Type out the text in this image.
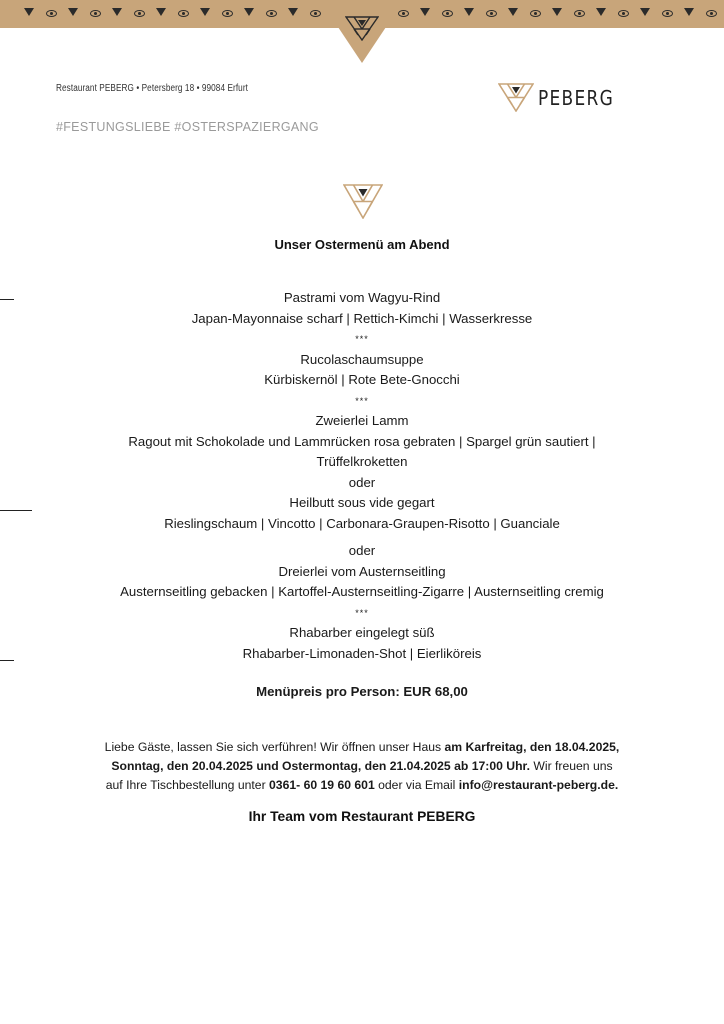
Restaurant PEBERG • Petersberg 18 • 99084 Erfurt	PEBERG
#FESTUNGSLIEBE #OSTERSPAZIERGANG
Unser Ostermenü am Abend
Pastrami vom Wagyu-Rind
Japan-Mayonnaise scharf | Rettich-Kimchi | Wasserkresse
***
Rucolaschaumsuppe
Kürbiskernöl | Rote Bete-Gnocchi
***
Zweierlei Lamm
Ragout mit Schokolade und Lammrücken rosa gebraten | Spargel grün sautiert |
Trüffelkroketten
oder
Heilbutt sous vide gegart
Rieslingschaum | Vincotto | Carbonara-Graupen-Risotto | Guanciale
oder
Dreierlei vom Austernseitling
Austernseitling gebacken | Kartoffel-Austernseitling-Zigarre | Austernseitling cremig
***
Rhabarber eingelegt süß
Rhabarber-Limonaden-Shot | Eierliköreis
Menüpreis pro Person: EUR 68,00
Liebe Gäste, lassen Sie sich verführen! Wir öffnen unser Haus am Karfreitag, den 18.04.2025,
Sonntag, den 20.04.2025 und Ostermontag, den 21.04.2025 ab 17:00 Uhr. Wir freuen uns
auf Ihre Tischbestellung unter 0361- 60 19 60 601 oder via Email info@restaurant-peberg.de.
Ihr Team vom Restaurant PEBERG
